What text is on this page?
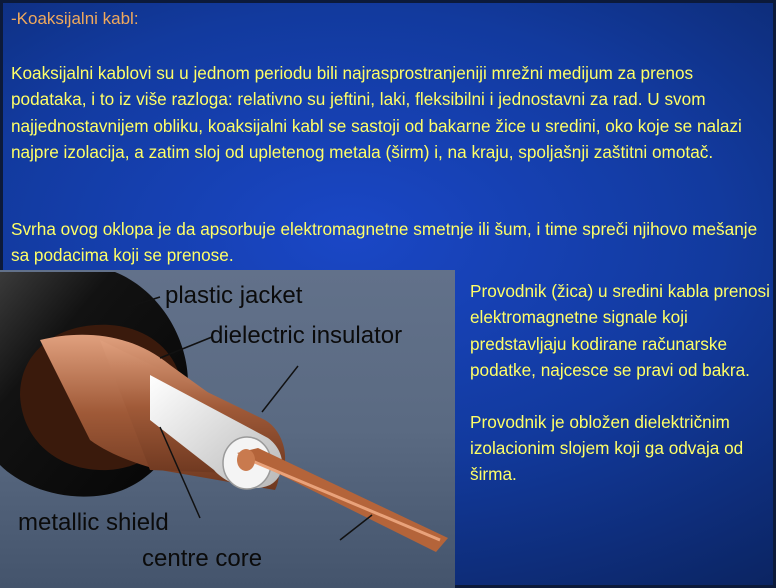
-Koaksijalni kabl:

Koaksijalni kablovi su u jednom periodu bili najrasprostranjeniji mrežni medijum za prenos podataka, i to iz više razloga: relativno su jeftini, laki, fleksibilni i jednostavni za rad. U svom najjednostavnijem obliku, koaksijalni kabl se sastoji od bakarne žice u sredini, oko koje se nalazi najpre izolacija, a zatim sloj od upletenog metala (širm) i, na kraju, spoljašnji zaštitni omotač.

Svrha ovog oklopa je da apsorbuje elektromagnetne smetnje ili šum, i time spreči njihovo mešanje sa podacima koji se prenose.

plastic jacket
dielectric insulator
metallic shield
centre core

Provodnik (žica) u sredini kabla prenosi elektromagnetne signale koji predstavljaju kodirane računarske podatke, najcesce se pravi od bakra.

Provodnik je obložen dielektričnim izolacionim slojem koji ga odvaja od širma.
